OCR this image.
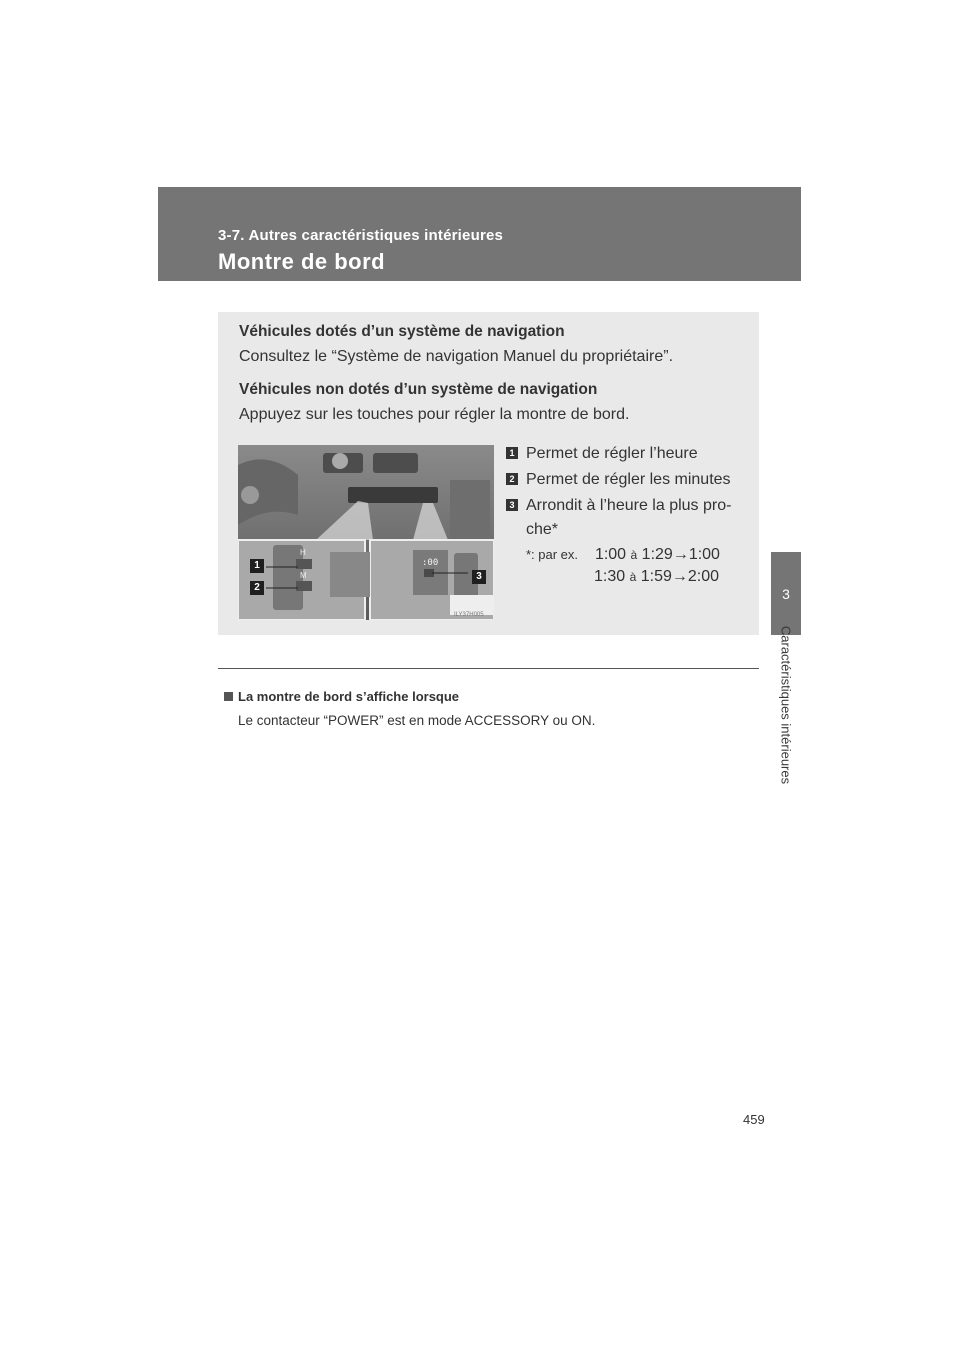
3-7. Autres caractéristiques intérieures
Montre de bord
3
Caractéristiques intérieures
Véhicules dotés d’un système de navigation
Consultez le “Système de navigation Manuel du propriétaire”.
Véhicules non dotés d’un système de navigation
Appuyez sur les touches pour régler la montre de bord.
H
M
:00
1
2
3
ILY37H005
1 Permet de régler l’heure
2 Permet de régler les minutes
3 Arrondit à l’heure la plus pro-che*
*: par ex. 1:00 à 1:29→1:00
1:30 à 1:59→2:00
La montre de bord s’affiche lorsque
Le contacteur “POWER” est en mode ACCESSORY ou ON.
459
